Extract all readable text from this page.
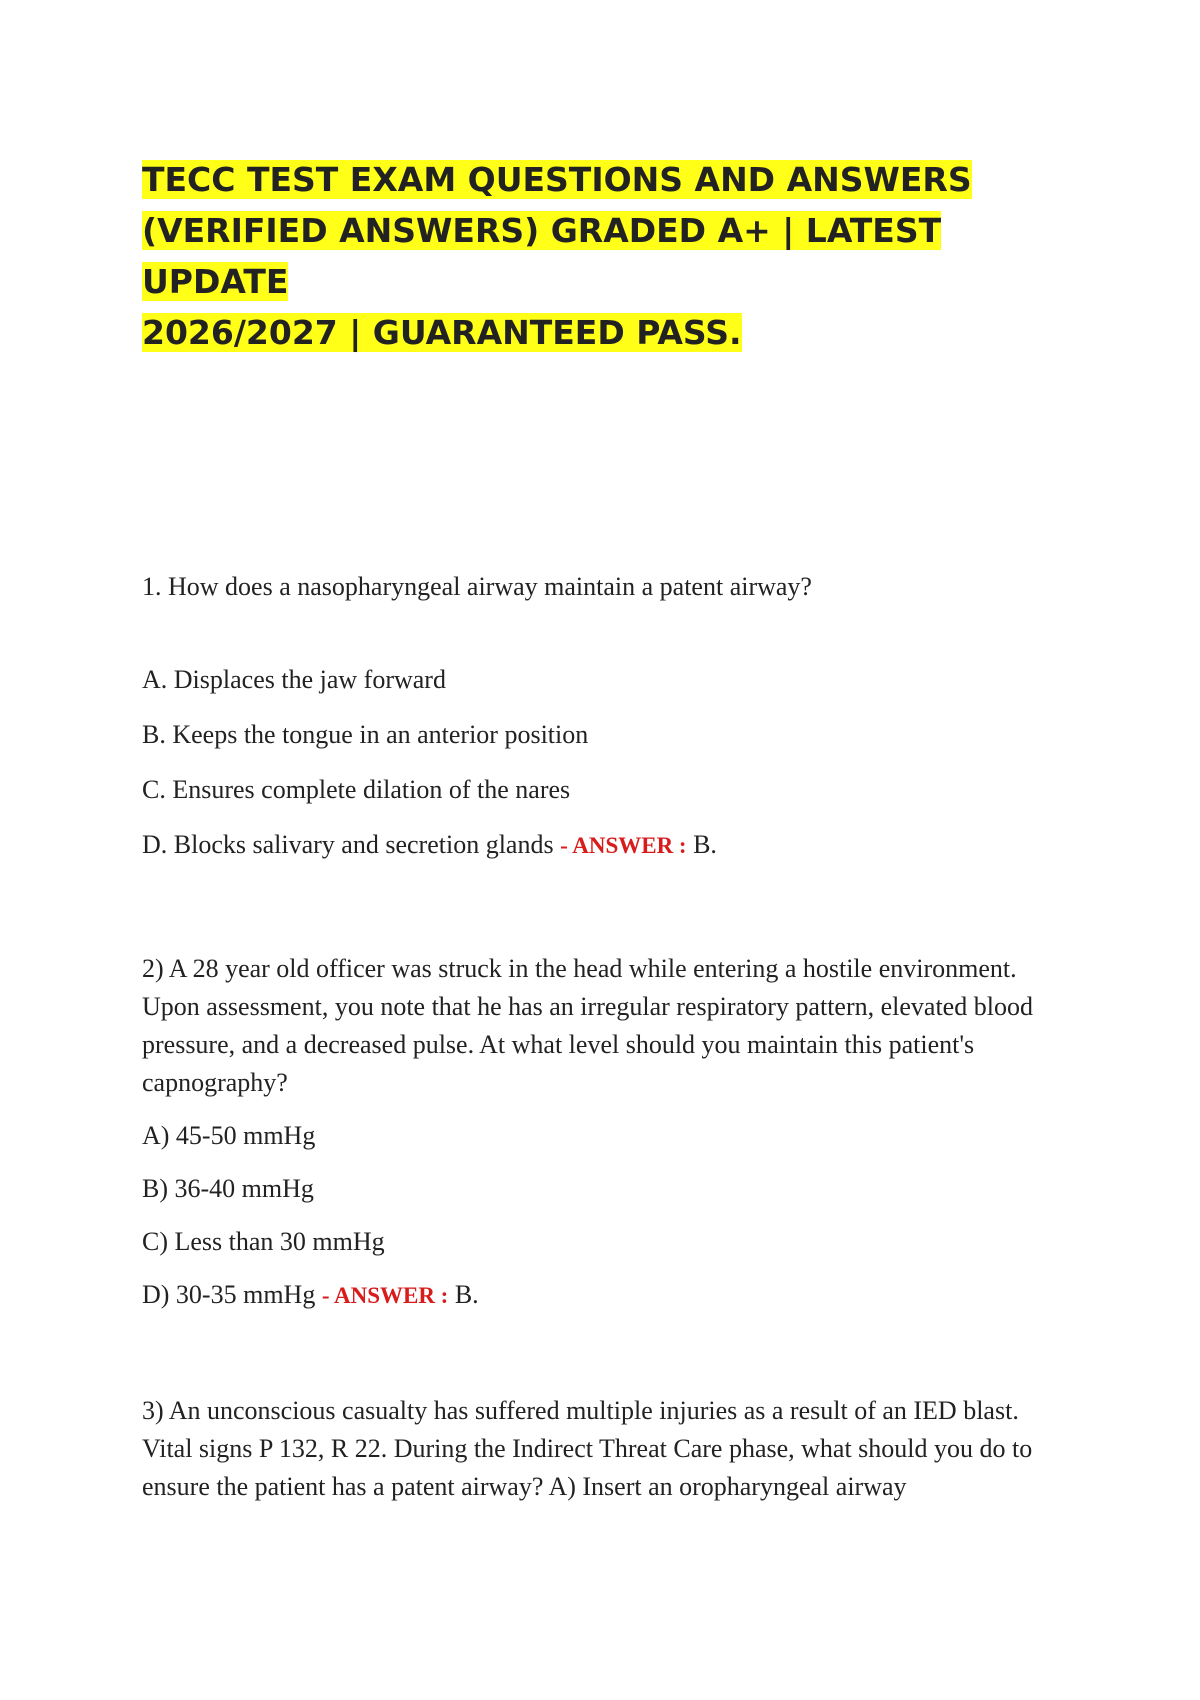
TECC TEST EXAM QUESTIONS AND ANSWERS
(VERIFIED ANSWERS) GRADED A+ | LATEST UPDATE
2026/2027 | GUARANTEED PASS.

1. How does a nasopharyngeal airway maintain a patent airway?

A. Displaces the jaw forward

B. Keeps the tongue in an anterior position

C. Ensures complete dilation of the nares

D. Blocks salivary and secretion glands - ANSWER : B.

2) A 28 year old officer was struck in the head while entering a hostile environment. Upon assessment, you note that he has an irregular respiratory pattern, elevated blood pressure, and a decreased pulse. At what level should you maintain this patient's capnography?

A) 45-50 mmHg

B) 36-40 mmHg

C) Less than 30 mmHg

D) 30-35 mmHg - ANSWER : B.

3) An unconscious casualty has suffered multiple injuries as a result of an IED blast. Vital signs P 132, R 22. During the Indirect Threat Care phase, what should you do to ensure the patient has a patent airway? A) Insert an oropharyngeal airway
